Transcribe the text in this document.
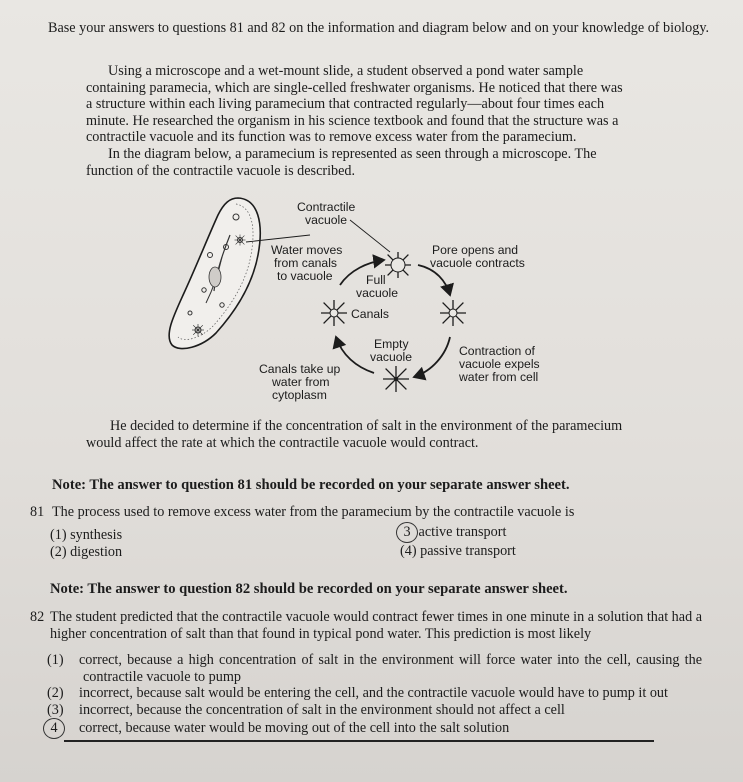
Base your answers to questions 81 and 82 on the information and diagram below and on your knowledge of biology.

Using a microscope and a wet-mount slide, a student observed a pond water sample containing paramecia, which are single-celled freshwater organisms. He noticed that there was a structure within each living paramecium that contracted regularly—about four times each minute. He researched the organism in his science textbook and found that the structure was a contractile vacuole and its function was to remove excess water from the paramecium.

In the diagram below, a paramecium is represented as seen through a microscope. The function of the contractile vacuole is described.

Contractile
vacuole
Water moves
from canals
to vacuole	Full
vacuole
Pore opens and
vacuole contracts
Canals
Empty
vacuole	Contraction of
vacuole expels
water from cell
Canals take up
water from
cytoplasm

He decided to determine if the concentration of salt in the environment of the paramecium would affect the rate at which the contractile vacuole would contract.

Note: The answer to question 81 should be recorded on your separate answer sheet.

81 The process used to remove excess water from the paramecium by the contractile vacuole is
(1) synthesis
(2) digestion
3 active transport
(4) passive transport

Note: The answer to question 82 should be recorded on your separate answer sheet.

82 The student predicted that the contractile vacuole would contract fewer times in one minute in a solution that had a higher concentration of salt than that found in typical pond water. This prediction is most likely

(1) correct, because a high concentration of salt in the environment will force water into the cell, causing the contractile vacuole to pump

(2) incorrect, because salt would be entering the cell, and the contractile vacuole would have to pump it out

(3) incorrect, because the concentration of salt in the environment should not affect a cell

4 correct, because water would be moving out of the cell into the salt solution
